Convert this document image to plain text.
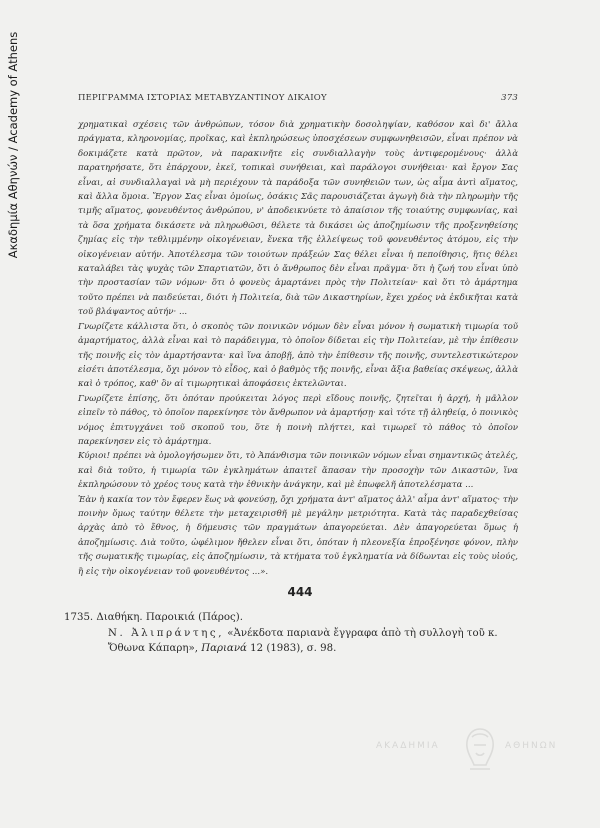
Ακαδημία Αθηνών / Academy of Athens	ΠΕΡΙΓΡΑΜΜΑ ΙΣΤΟΡΙΑΣ ΜΕΤΑΒΥΖΑΝΤΙΝΟΥ ΔΙΚΑΙΟΥ	373

χρηματικαὶ σχέσεις τῶν ἀνθρώπων, τόσον διὰ χρηματικὴν δοσοληψίαν, καθόσον καὶ δι' ἄλλα πράγματα, κληρονομίας, προῖκας, καὶ ἐκπληρώσεως ὑποσχέσεων συμφωνηθεισῶν, εἶναι πρέπον νὰ δοκιμάζετε κατὰ πρῶτον, νὰ παρακινῆτε εἰς συνδιαλλαγὴν τοὺς ἀντιφερομένους· ἀλλὰ παρατηρήσατε, ὅτι ἐπάρχουν, ἐκεῖ, τοπικαὶ συνήθειαι, καὶ παράλογοι συνήθειαι· καὶ ἔργον Σας εἶναι, αἱ συνδιαλλαγαὶ νὰ μὴ περιέχουν τὰ παράδοξα τῶν συνηθειῶν των, ὡς αἷμα ἀντὶ αἵματος, καὶ ἄλλα ὅμοια. Ἔργον Σας εἶναι ὁμοίως, ὁσάκις Σᾶς παρουσιάζεται ἀγωγὴ διὰ τὴν πληρωμὴν τῆς τιμῆς αἵματος, φονευθέντος ἀνθρώπου, ν' ἀποδεικνύετε τὸ ἀπαίσιον τῆς τοιαύτης συμφωνίας, καὶ τὰ ὅσα χρήματα δικάσετε νὰ πληρωθῶσι, θέλετε τὰ δικάσει ὡς ἀποζημίωσιν τῆς προξενηθείσης ζημίας εἰς τὴν τεθλιμμένην οἰκογένειαν, ἕνεκα τῆς ἐλλείψεως τοῦ φονευθέντος ἀτόμου, εἰς τὴν οἰκογένειαν αὐτήν. Ἀποτέλεσμα τῶν τοιούτων πράξεών Σας θέλει εἶναι ἡ πεποίθησις, ἥτις θέλει καταλάβει τὰς ψυχὰς τῶν Σπαρτιατῶν, ὅτι ὁ ἄνθρωπος δὲν εἶναι πρᾶγμα· ὅτι ἡ ζωή του εἶναι ὑπὸ τὴν προστασίαν τῶν νόμων· ὅτι ὁ φονεὺς ἁμαρτάνει πρὸς τὴν Πολιτείαν· καὶ ὅτι τὸ ἁμάρτημα τοῦτο πρέπει νὰ παιδεύεται, διότι ἡ Πολιτεία, διὰ τῶν Δικαστηρίων, ἔχει χρέος νὰ ἐκδικῆται κατὰ τοῦ βλάψαντος αὐτήν· ...

Γνωρίζετε κάλλιστα ὅτι, ὁ σκοπὸς τῶν ποινικῶν νόμων δὲν εἶναι μόνον ἡ σωματικὴ τιμωρία τοῦ ἁμαρτήματος, ἀλλὰ εἶναι καὶ τὸ παράδειγμα, τὸ ὁποῖον δίδεται εἰς τὴν Πολιτείαν, μὲ τὴν ἐπίθεσιν τῆς ποινῆς εἰς τὸν ἁμαρτήσαντα· καὶ ἵνα ἀποβῇ, ἀπὸ τὴν ἐπίθεσιν τῆς ποινῆς, συντελεστικώτερον εἰσέτι ἀποτέλεσμα, ὄχι μόνον τὸ εἶδος, καὶ ὁ βαθμὸς τῆς ποινῆς, εἶναι ἄξια βαθείας σκέψεως, ἀλλὰ καὶ ὁ τρόπος, καθ' ὃν αἱ τιμωρητικαὶ ἀποφάσεις ἐκτελῶνται.

Γνωρίζετε ἐπίσης, ὅτι ὁπόταν προύκειται λόγος περὶ εἴδους ποινῆς, ζητεῖται ἡ ἀρχή, ἡ μᾶλλον εἰπεῖν τὸ πάθος, τὸ ὁποῖον παρεκίνησε τὸν ἄνθρωπον νὰ ἁμαρτήσῃ· καὶ τότε τῇ ἀληθείᾳ, ὁ ποινικὸς νόμος ἐπιτυγχάνει τοῦ σκοποῦ του, ὅτε ἡ ποινὴ πλήττει, καὶ τιμωρεῖ τὸ πάθος τὸ ὁποῖον παρεκίνησεν εἰς τὸ ἁμάρτημα.

Κύριοι! πρέπει νὰ ὁμολογήσωμεν ὅτι, τὸ Ἀπάνθισμα τῶν ποινικῶν νόμων εἶναι σημαντικῶς ἀτελές, καὶ διὰ τοῦτο, ἡ τιμωρία τῶν ἐγκλημάτων ἀπαιτεῖ ἅπασαν τὴν προσοχὴν τῶν Δικαστῶν, ἵνα ἐκπληρώσουν τὸ χρέος τους κατὰ τὴν ἐθνικὴν ἀνάγκην, καὶ μὲ ἐπωφελῆ ἀποτελέσματα ...

Ἐὰν ἡ κακία τον τὸν ἔφερεν ἕως νὰ φονεύσῃ, ὄχι χρήματα ἀντ' αἵματος ἀλλ' αἷμα ἀντ' αἵματος· τὴν ποινὴν ὅμως ταύτην θέλετε τὴν μεταχειρισθῆ μὲ μεγάλην μετριότητα. Κατὰ τὰς παραδεχθείσας ἀρχὰς ἀπὸ τὸ ἔθνος, ἡ δήμευσις τῶν πραγμάτων ἀπαγορεύεται. Δὲν ἀπαγορεύεται ὅμως ἡ ἀποζημίωσις. Διὰ τοῦτο, ὠφέλιμον ἤθελεν εἶναι ὅτι, ὁπόταν ἡ πλεονεξία ἐπροξένησε φόνον, πλὴν τῆς σωματικῆς τιμωρίας, εἰς ἀποζημίωσιν, τὰ κτήματα τοῦ ἐγκληματία νὰ δίδωνται εἰς τοὺς υἱούς, ἢ εἰς τὴν οἰκογένειαν τοῦ φονευθέντος ...».

444
1735. Διαθήκη. Παροικιά (Πάρος).
Ν. Ἀλιπράντης, «Ἀνέκδοτα παριανὰ ἔγγραφα ἀπὸ τὴ συλλογὴ τοῦ κ. Ὄθωνα Κάπαρη», Παριανά 12 (1983), σ. 98.
ΑΚΑΔΗΜΙΑ	ΑΘΗΝΩΝ
